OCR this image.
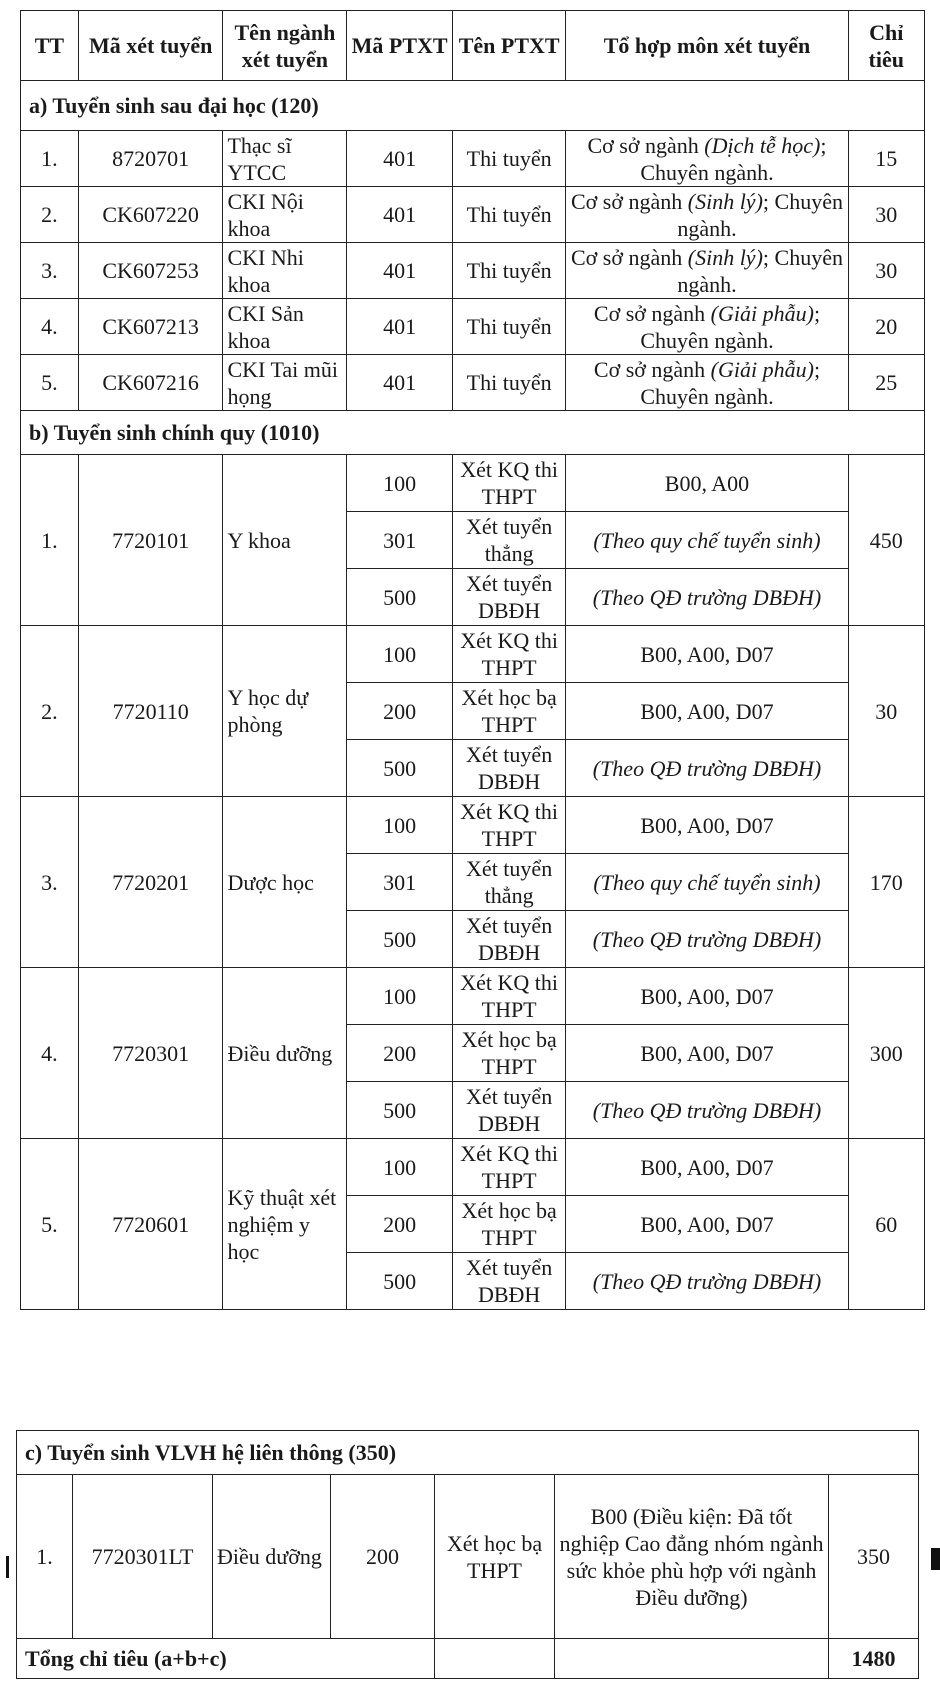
TT	Mã xét tuyển	Tên ngành xét tuyển	Mã PTXT	Tên PTXT	Tổ hợp môn xét tuyển	Chỉ tiêu
a) Tuyển sinh sau đại học (120)						
1.	8720701	Thạc sĩ YTCC	401	Thi tuyển	Cơ sở ngành (Dịch tễ học); Chuyên ngành.	15
2.	CK607220	CKI Nội khoa	401	Thi tuyển	Cơ sở ngành (Sinh lý); Chuyên ngành.	30
3.	CK607253	CKI Nhi khoa	401	Thi tuyển	Cơ sở ngành (Sinh lý); Chuyên ngành.	30
4.	CK607213	CKI Sản khoa	401	Thi tuyển	Cơ sở ngành (Giải phẫu); Chuyên ngành.	20
5.	CK607216	CKI Tai mũi họng	401	Thi tuyển	Cơ sở ngành (Giải phẫu); Chuyên ngành.	25
b) Tuyển sinh chính quy (1010)						
1.	7720101	Y khoa	100	Xét KQ thi THPT	B00, A00	450
			301	Xét tuyển thẳng	(Theo quy chế tuyển sinh)	
			500	Xét tuyển DBĐH	(Theo QĐ trường DBĐH)	
2.	7720110	Y học dự phòng	100	Xét KQ thi THPT	B00, A00, D07	30
			200	Xét học bạ THPT	B00, A00, D07	
			500	Xét tuyển DBĐH	(Theo QĐ trường DBĐH)	
3.	7720201	Dược học	100	Xét KQ thi THPT	B00, A00, D07	170
			301	Xét tuyển thẳng	(Theo quy chế tuyển sinh)	
			500	Xét tuyển DBĐH	(Theo QĐ trường DBĐH)	
4.	7720301	Điều dưỡng	100	Xét KQ thi THPT	B00, A00, D07	300
			200	Xét học bạ THPT	B00, A00, D07	
			500	Xét tuyển DBĐH	(Theo QĐ trường DBĐH)	
5.	7720601	Kỹ thuật xét nghiệm y học	100	Xét KQ thi THPT	B00, A00, D07	60
			200	Xét học bạ THPT	B00, A00, D07	
			500	Xét tuyển DBĐH	(Theo QĐ trường DBĐH)	
c) Tuyển sinh VLVH hệ liên thông (350)						
1.	7720301LT	Điều dưỡng	200	Xét học bạ THPT	B00 (Điều kiện: Đã tốt nghiệp Cao đẳng nhóm ngành sức khỏe phù hợp với ngành Điều dưỡng)	350
Tổng chỉ tiêu (a+b+c)						1480
